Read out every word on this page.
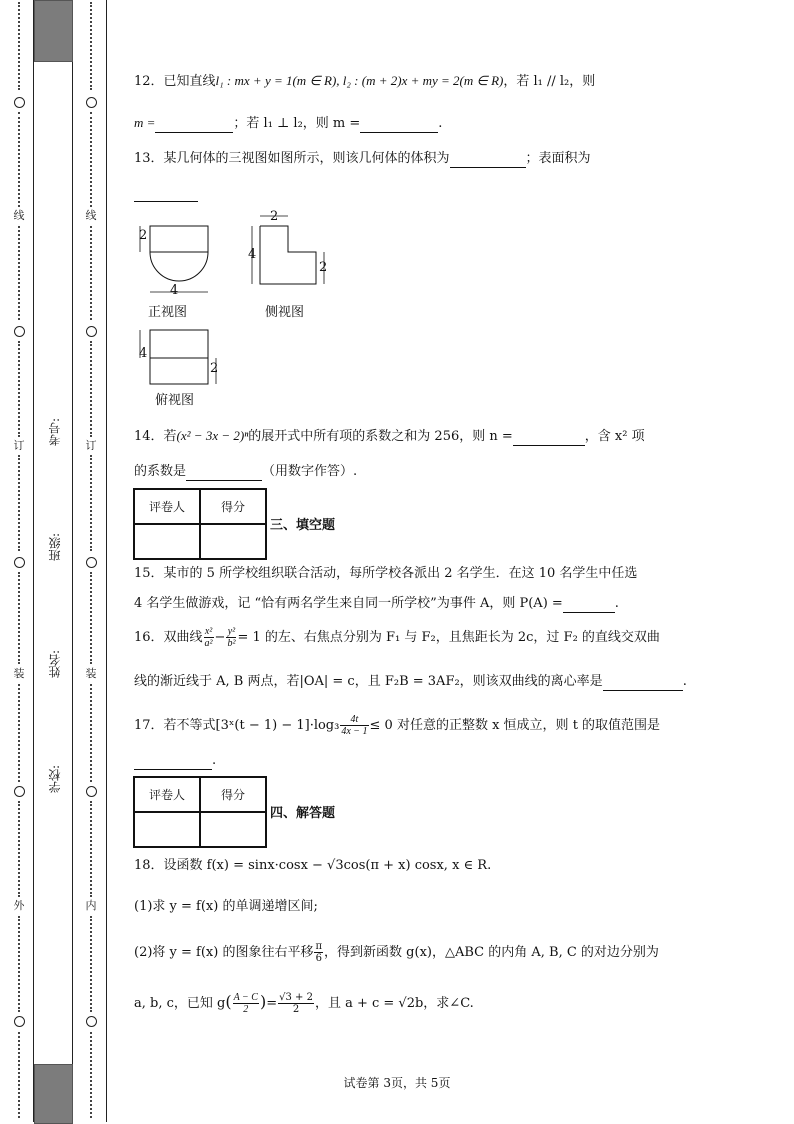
线
订
装
外
线
订
装
内
考号:
班级:
姓名:
学校:
12．已知直线l₁ : mx + y = 1(m ∈ R), l₂ : (m + 2)x + my = 2(m ∈ R)，若 l₁ // l₂，则
m =	；若 l₁ ⊥ l₂，则 m =	.
13．某几何体的三视图如图所示，则该几何体的体积为	；表面积为
2
4
正视图
2
4
2
侧视图
4
2
俯视图
14．若(x² − 3x − 2)ⁿ的展开式中所有项的系数之和为 256，则 n =	，含 x² 项
的系数是	（用数字作答）.
评卷人	得分

三、填空题
15．某市的 5 所学校组织联合活动，每所学校各派出 2 名学生．在这 10 名学生中任选
4 名学生做游戏，记 “恰有两名学生来自同一所学校”为事件 A，则 P(A) =	.
16．双曲线 $\frac{\text{x²}}{\text{a²}} - \frac{\text{y²}}{\text{b²}} = 1$ 的左、右焦点分别为 F₁ 与 F₂，且焦距长为 2c，过 F₂ 的直线交双曲
线的渐近线于 A, B 两点，若|OA| = c，且 F₂B = 3AF₂，则该双曲线的离心率是	.
17．若不等式[3ˣ(t − $1) - 1]\cdot\log_3 \frac{4t}{4x - 1} \le 0$ 对任意的正整数 x 恒成立，则 t 的取值范围是
.
评卷人	得分

四、解答题
18．设函数 f(x) = sinx·cosx − √3cos(π + x) cosx, x ∈ R.
(1)求 y = f(x) 的单调递增区间;
(2)将 y = f(x) 的图象往右平移 $\frac{\pi}{6}$ ，得到新函数 g(x)，△ABC 的内角 A, B, C 的对边分别为
a, b, c，已知 $g( \frac{A - C}{2}$ )= $\frac{√3 + 2}{2}$ ，且 a + c = √2b，求∠C.
试卷第 3页，共 5页
